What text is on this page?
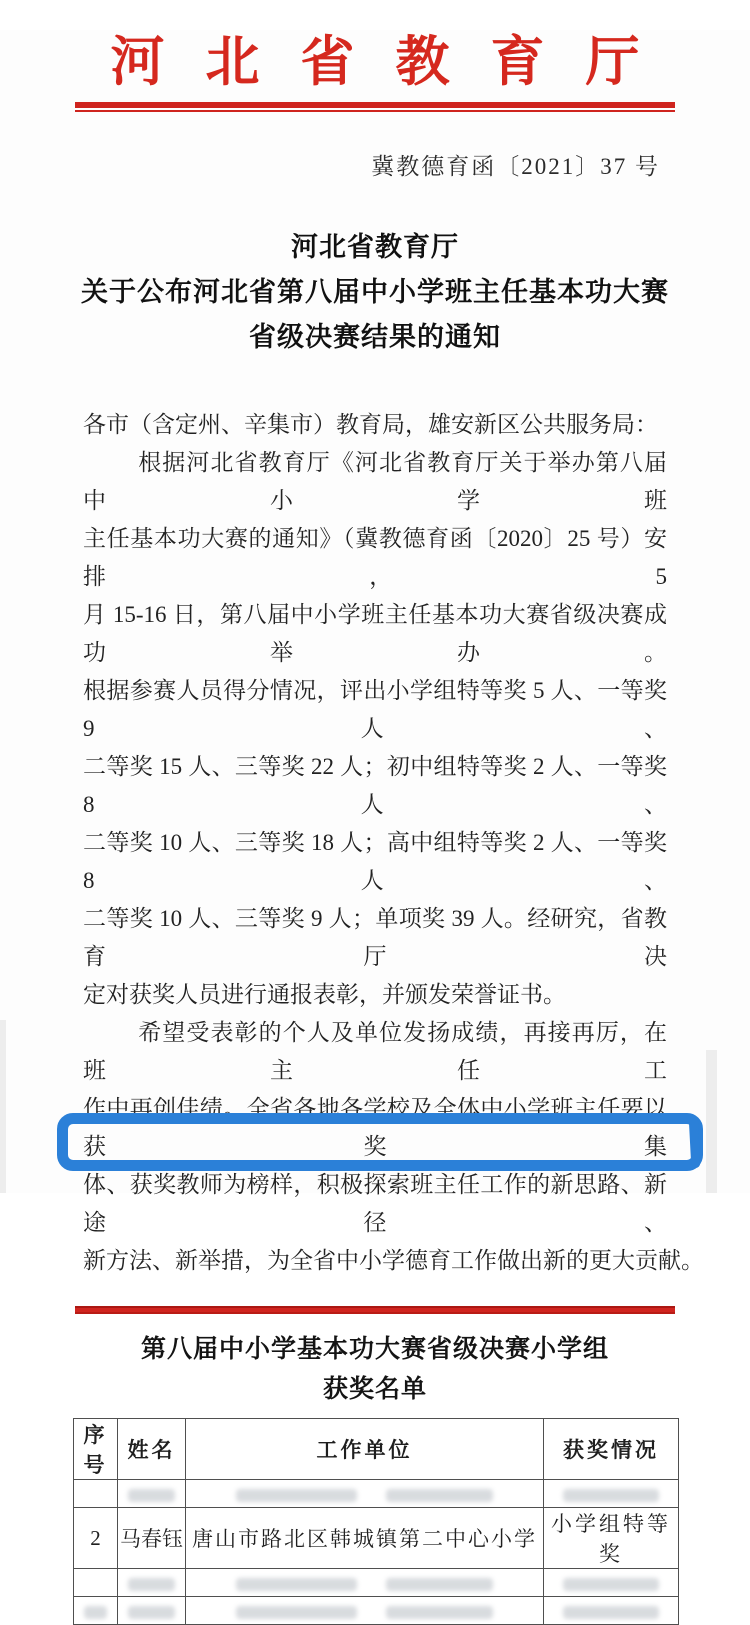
河北省教育厅
冀教德育函〔2021〕37 号
河北省教育厅
关于公布河北省第八届中小学班主任基本功大赛
省级决赛结果的通知
各市（含定州、辛集市）教育局，雄安新区公共服务局：
根据河北省教育厅《河北省教育厅关于举办第八届中小学班
主任基本功大赛的通知》（冀教德育函〔2020〕25 号）安排，5
月 15-16 日，第八届中小学班主任基本功大赛省级决赛成功举办。
根据参赛人员得分情况，评出小学组特等奖 5 人、一等奖 9 人、
二等奖 15 人、三等奖 22 人；初中组特等奖 2 人、一等奖 8 人、
二等奖 10 人、三等奖 18 人；高中组特等奖 2 人、一等奖 8 人、
二等奖 10 人、三等奖 9 人；单项奖 39 人。经研究，省教育厅决
定对获奖人员进行通报表彰，并颁发荣誉证书。
希望受表彰的个人及单位发扬成绩，再接再厉，在班主任工
作中再创佳绩。全省各地各学校及全体中小学班主任要以获奖集
体、获奖教师为榜样，积极探索班主任工作的新思路、新途径、
新方法、新举措，为全省中小学德育工作做出新的更大贡献。
第八届中小学基本功大赛省级决赛小学组
获奖名单
序号	姓名	工作单位	获奖情况

2	马春钰	唐山市路北区韩城镇第二中心小学	小学组特等奖
